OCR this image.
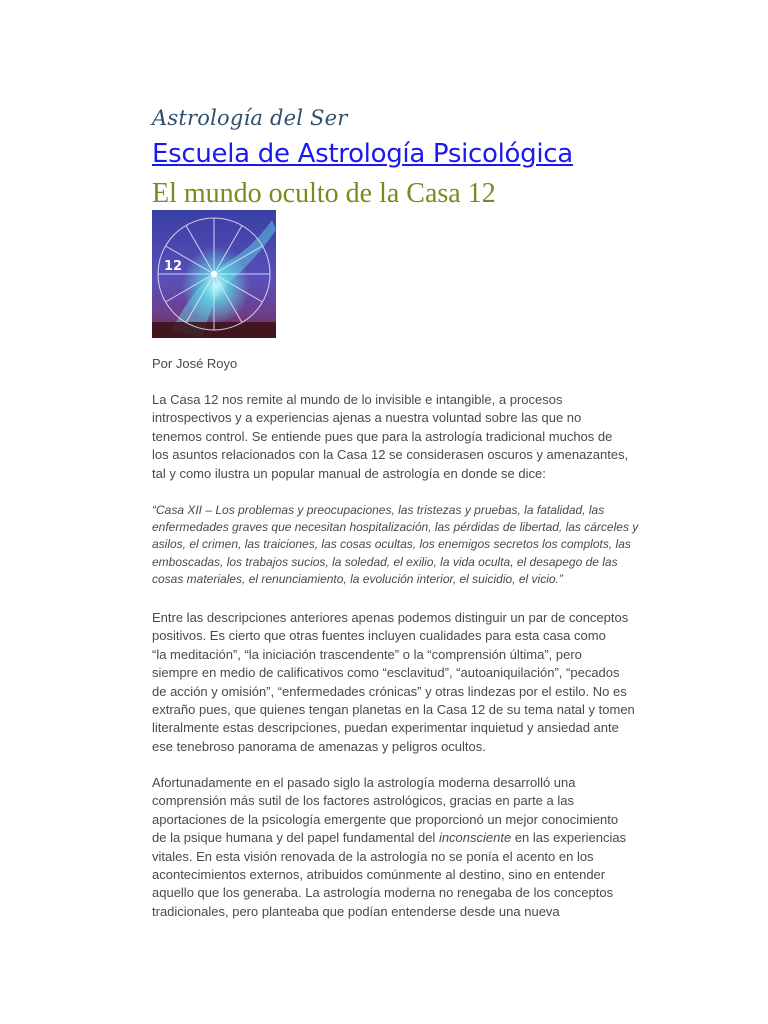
Astrología del Ser
Escuela de Astrología Psicológica
El mundo oculto de la Casa 12
12
Por José Royo

La Casa 12 nos remite al mundo de lo invisible e intangible, a procesos
introspectivos y a experiencias ajenas a nuestra voluntad sobre las que no
tenemos control. Se entiende pues que para la astrología tradicional muchos de
los asuntos relacionados con la Casa 12 se considerasen oscuros y amenazantes,
tal y como ilustra un popular manual de astrología en donde se dice:

“Casa XII – Los problemas y preocupaciones, las tristezas y pruebas, la fatalidad, las
enfermedades graves que necesitan hospitalización, las pérdidas de libertad, las cárceles y
asilos, el crimen, las traiciones, las cosas ocultas, los enemigos secretos los complots, las
emboscadas, los trabajos sucios, la soledad, el exilio, la vida oculta, el desapego de las
cosas materiales, el renunciamiento, la evolución interior, el suicidio, el vicio.”

Entre las descripciones anteriores apenas podemos distinguir un par de conceptos
positivos. Es cierto que otras fuentes incluyen cualidades para esta casa como
“la meditación”, “la iniciación trascendente” o la “comprensión última”, pero
siempre en medio de calificativos como “esclavitud”, “autoaniquilación”, “pecados
de acción y omisión”, “enfermedades crónicas” y otras lindezas por el estilo. No es
extraño pues, que quienes tengan planetas en la Casa 12 de su tema natal y tomen
literalmente estas descripciones, puedan experimentar inquietud y ansiedad ante
ese tenebroso panorama de amenazas y peligros ocultos.

Afortunadamente en el pasado siglo la astrología moderna desarrolló una
comprensión más sutil de los factores astrológicos, gracias en parte a las
aportaciones de la psicología emergente que proporcionó un mejor conocimiento
de la psique humana y del papel fundamental del inconsciente en las experiencias
vitales. En esta visión renovada de la astrología no se ponía el acento en los
acontecimientos externos, atribuidos comúnmente al destino, sino en entender
aquello que los generaba. La astrología moderna no renegaba de los conceptos
tradicionales, pero planteaba que podían entenderse desde una nueva
